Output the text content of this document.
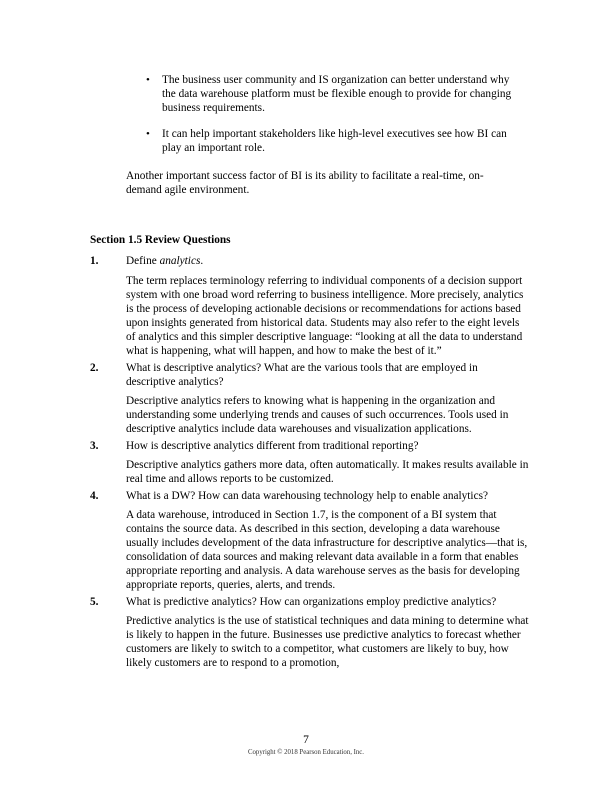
• The business user community and IS organization can better understand why the data warehouse platform must be flexible enough to provide for changing business requirements.
• It can help important stakeholders like high-level executives see how BI can play an important role.

Another important success factor of BI is its ability to facilitate a real-time, on-demand agile environment.

Section 1.5 Review Questions

1. Define analytics.

The term replaces terminology referring to individual components of a decision support system with one broad word referring to business intelligence. More precisely, analytics is the process of developing actionable decisions or recommendations for actions based upon insights generated from historical data. Students may also refer to the eight levels of analytics and this simpler descriptive language: “looking at all the data to understand what is happening, what will happen, and how to make the best of it.”

2. What is descriptive analytics? What are the various tools that are employed in descriptive analytics?

Descriptive analytics refers to knowing what is happening in the organization and understanding some underlying trends and causes of such occurrences. Tools used in descriptive analytics include data warehouses and visualization applications.

3. How is descriptive analytics different from traditional reporting?

Descriptive analytics gathers more data, often automatically. It makes results available in real time and allows reports to be customized.

4. What is a DW? How can data warehousing technology help to enable analytics?

A data warehouse, introduced in Section 1.7, is the component of a BI system that contains the source data. As described in this section, developing a data warehouse usually includes development of the data infrastructure for descriptive analytics—that is, consolidation of data sources and making relevant data available in a form that enables appropriate reporting and analysis. A data warehouse serves as the basis for developing appropriate reports, queries, alerts, and trends.

5. What is predictive analytics? How can organizations employ predictive analytics?

Predictive analytics is the use of statistical techniques and data mining to determine what is likely to happen in the future. Businesses use predictive analytics to forecast whether customers are likely to switch to a competitor, what customers are likely to buy, how likely customers are to respond to a promotion,

7
Copyright © 2018 Pearson Education, Inc.
